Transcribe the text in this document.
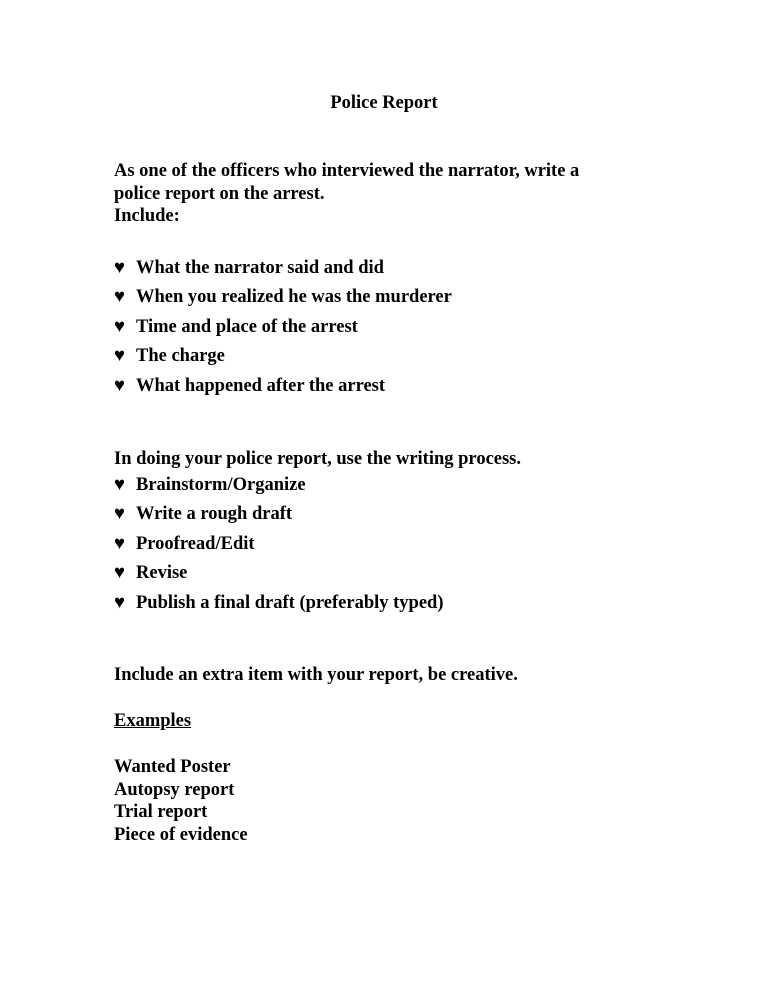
Police Report
As one of the officers who interviewed the narrator, write a
police report on the arrest.
Include:
♥ What the narrator said and did
♥ When you realized he was the murderer
♥ Time and place of the arrest
♥ The charge
♥ What happened after the arrest
In doing your police report, use the writing process.
♥ Brainstorm/Organize
♥ Write a rough draft
♥ Proofread/Edit
♥ Revise
♥ Publish a final draft (preferably typed)
Include an extra item with your report, be creative.
Examples
Wanted Poster
Autopsy report
Trial report
Piece of evidence
